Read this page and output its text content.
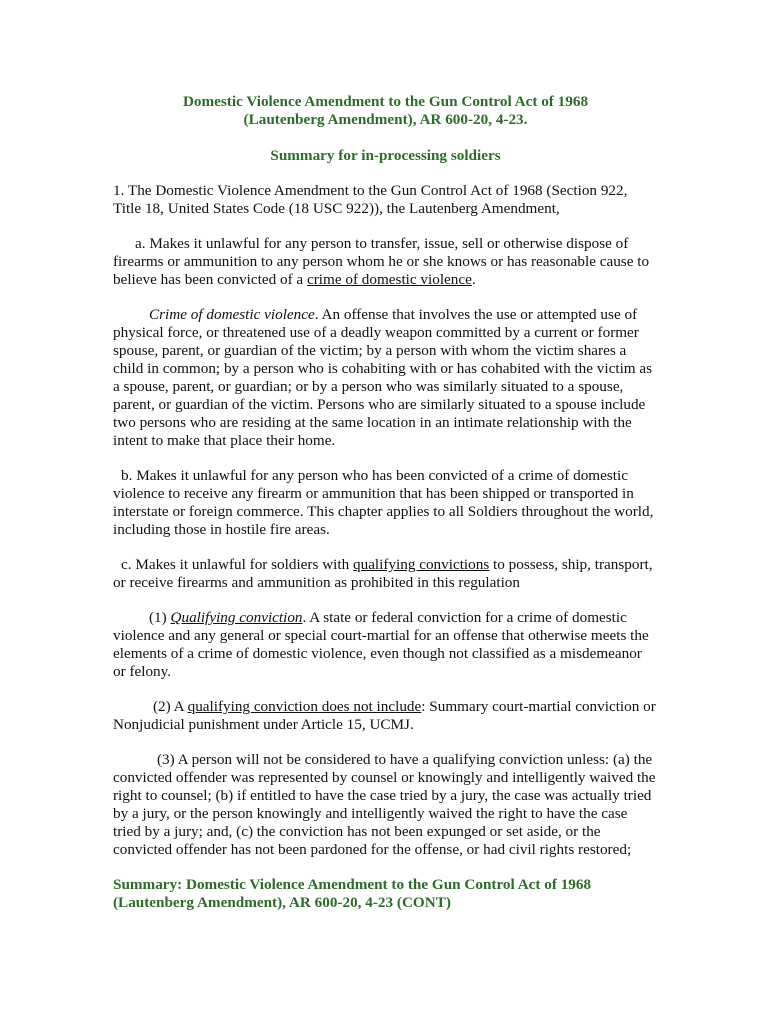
Domestic Violence Amendment to the Gun Control Act of 1968
(Lautenberg Amendment), AR 600-20, 4-23.

Summary for in-processing soldiers

1. The Domestic Violence Amendment to the Gun Control Act of 1968 (Section 922, Title 18, United States Code (18 USC 922)), the Lautenberg Amendment,

a. Makes it unlawful for any person to transfer, issue, sell or otherwise dispose of firearms or ammunition to any person whom he or she knows or has reasonable cause to believe has been convicted of a crime of domestic violence.

Crime of domestic violence. An offense that involves the use or attempted use of physical force, or threatened use of a deadly weapon committed by a current or former spouse, parent, or guardian of the victim; by a person with whom the victim shares a child in common; by a person who is cohabiting with or has cohabited with the victim as a spouse, parent, or guardian; or by a person who was similarly situated to a spouse, parent, or guardian of the victim. Persons who are similarly situated to a spouse include two persons who are residing at the same location in an intimate relationship with the intent to make that place their home.

b. Makes it unlawful for any person who has been convicted of a crime of domestic violence to receive any firearm or ammunition that has been shipped or transported in interstate or foreign commerce. This chapter applies to all Soldiers throughout the world, including those in hostile fire areas.

c. Makes it unlawful for soldiers with qualifying convictions to possess, ship, transport, or receive firearms and ammunition as prohibited in this regulation

(1) Qualifying conviction. A state or federal conviction for a crime of domestic violence and any general or special court-martial for an offense that otherwise meets the elements of a crime of domestic violence, even though not classified as a misdemeanor or felony.

(2) A qualifying conviction does not include: Summary court-martial conviction or Nonjudicial punishment under Article 15, UCMJ.

(3) A person will not be considered to have a qualifying conviction unless: (a) the convicted offender was represented by counsel or knowingly and intelligently waived the right to counsel; (b) if entitled to have the case tried by a jury, the case was actually tried by a jury, or the person knowingly and intelligently waived the right to have the case tried by a jury; and, (c) the conviction has not been expunged or set aside, or the convicted offender has not been pardoned for the offense, or had civil rights restored;

Summary: Domestic Violence Amendment to the Gun Control Act of 1968
(Lautenberg Amendment), AR 600-20, 4-23 (CONT)
